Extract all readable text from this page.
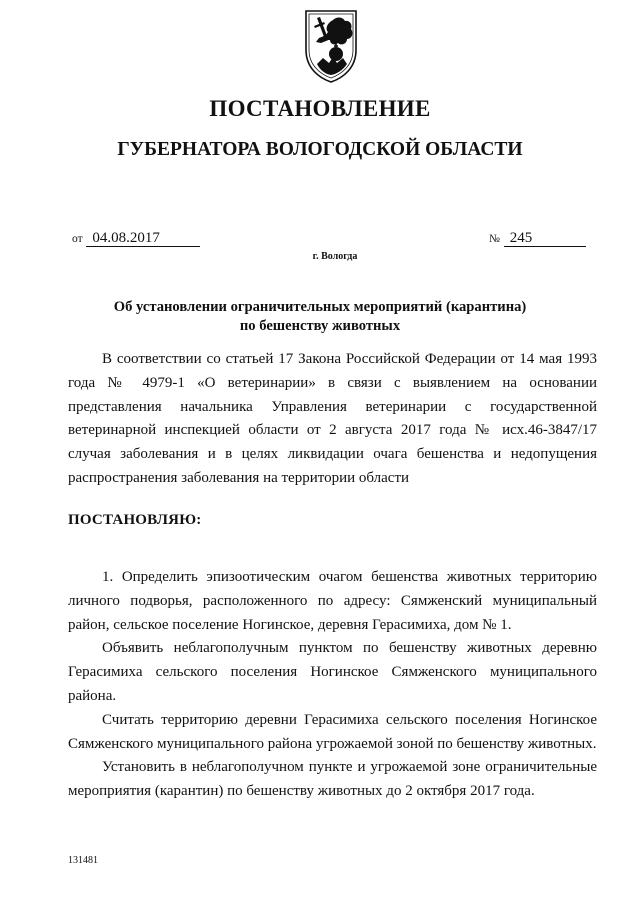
ПОСТАНОВЛЕНИЕ
ГУБЕРНАТОРА ВОЛОГОДСКОЙ ОБЛАСТИ
от 04.08.2017	№ 245
г. Вологда
Об установлении ограничительных мероприятий (карантина)
по бешенству животных

В соответствии со статьей 17 Закона Российской Федерации от 14 мая 1993 года № 4979-1 «О ветеринарии» в связи с выявлением на основании представления начальника Управления ветеринарии с государственной ветеринарной инспекцией области от 2 августа 2017 года № исх.46-3847/17 случая заболевания и в целях ликвидации очага бешенства и недопущения распространения заболевания на территории области

ПОСТАНОВЛЯЮ:

1. Определить эпизоотическим очагом бешенства животных территорию личного подворья, расположенного по адресу: Сямженский муниципальный район, сельское поселение Ногинское, деревня Герасимиха, дом № 1.

Объявить неблагополучным пунктом по бешенству животных деревню Герасимиха сельского поселения Ногинское Сямженского муниципального района.

Считать территорию деревни Герасимиха сельского поселения Ногинское Сямженского муниципального района угрожаемой зоной по бешенству животных.

Установить в неблагополучном пункте и угрожаемой зоне ограничительные мероприятия (карантин) по бешенству животных до 2 октября 2017 года.

131481
